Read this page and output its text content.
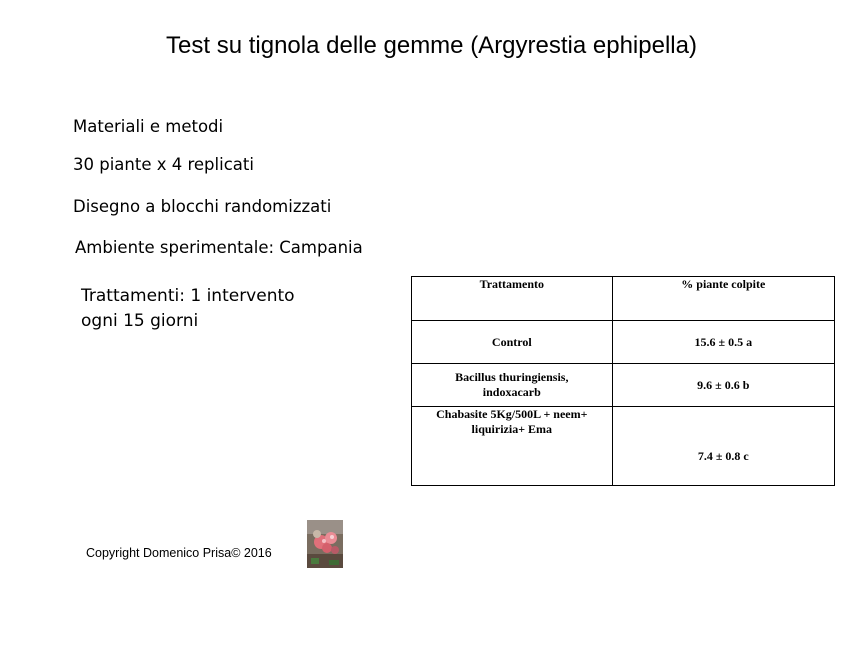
Test su tignola delle gemme (Argyrestia ephipella)
Materiali e metodi
30 piante x 4 replicati
Disegno a blocchi randomizzati
Ambiente sperimentale: Campania
Trattamenti: 1 intervento
ogni 15 giorni
Trattamento	% piante colpite
Control	15.6 ± 0.5 a

Bacillus thuringiensis,
indoxacarb	9.6 ± 0.6 b

Chabasite 5Kg/500L + neem+
liquirizia+ Ema	7.4 ± 0.8 c
Copyright Domenico Prisa© 2016
